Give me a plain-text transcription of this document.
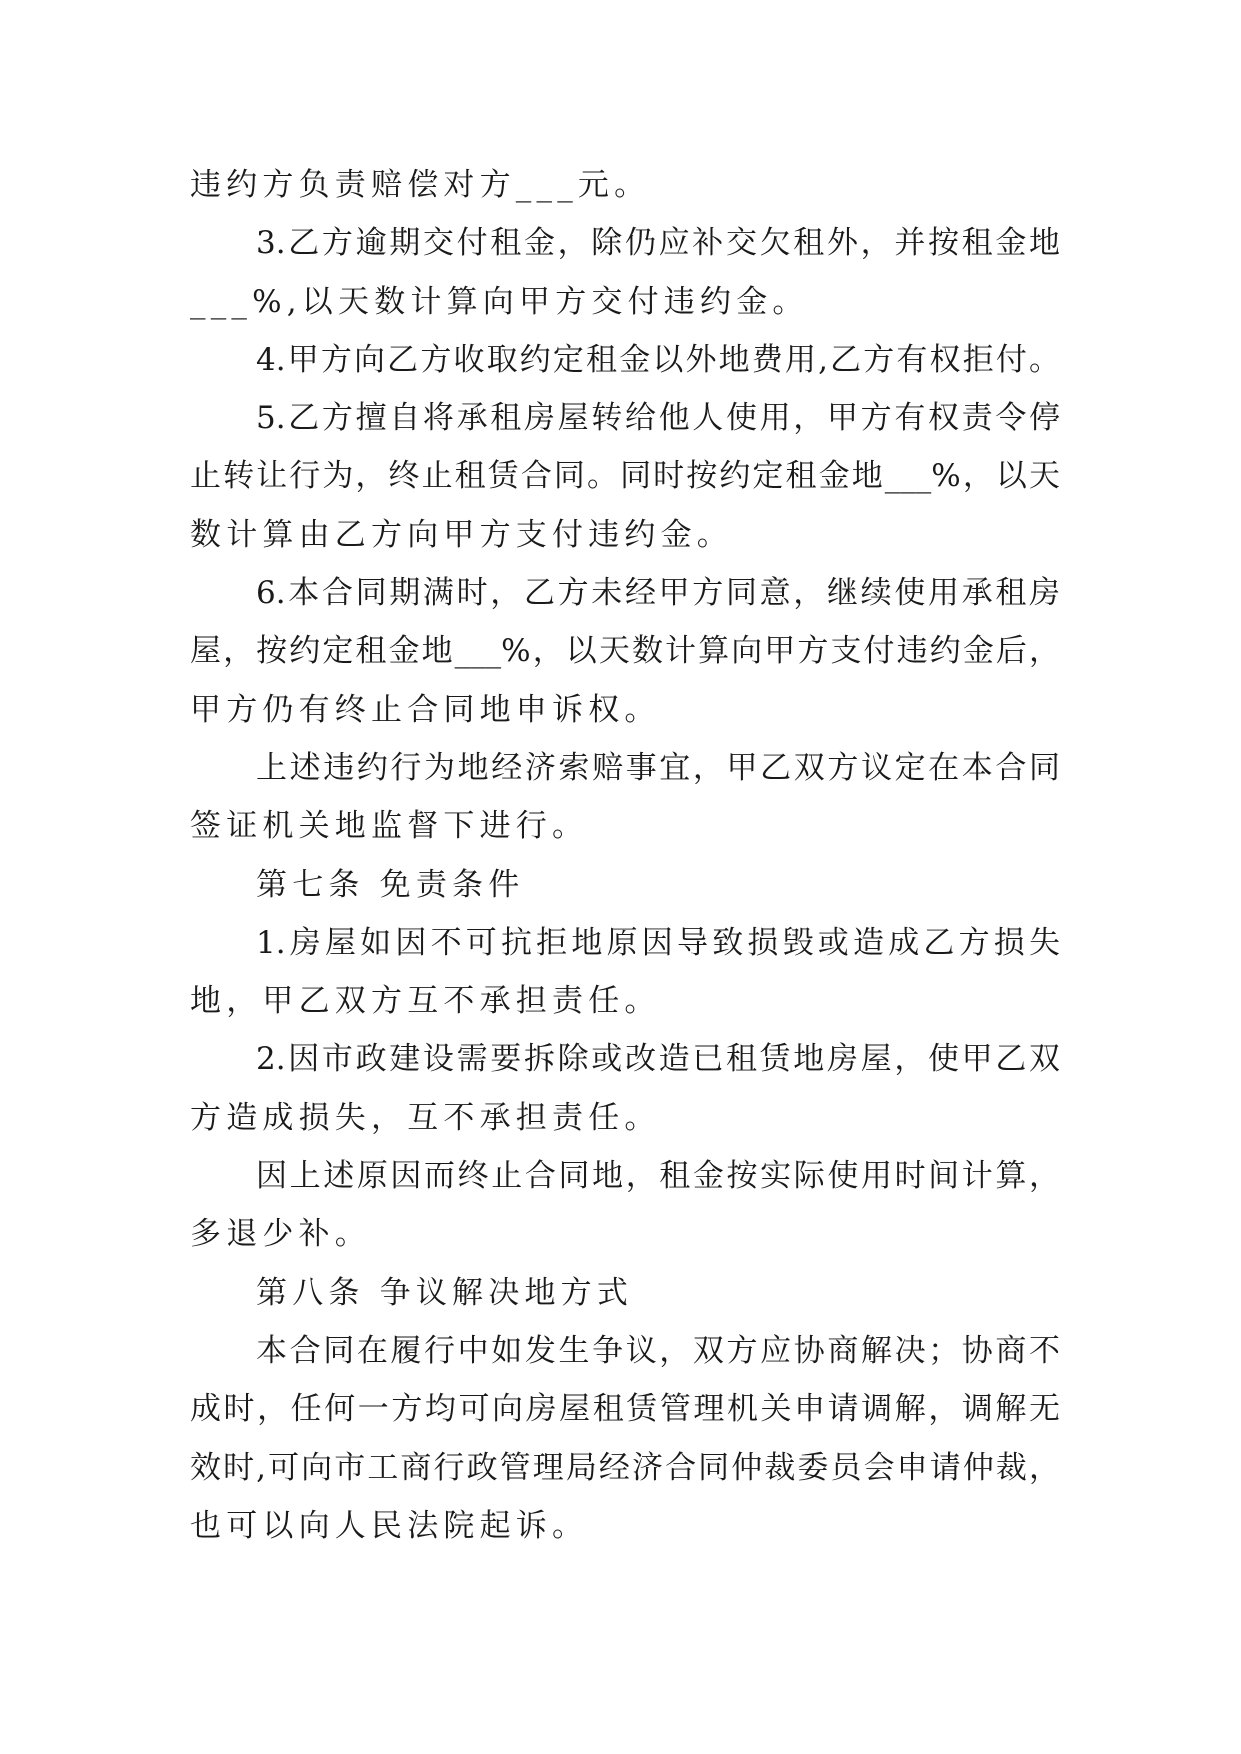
违约方负责赔偿对方___元。
3.乙方逾期交付租金，除仍应补交欠租外，并按租金地
___%,以天数计算向甲方交付违约金。
4.甲方向乙方收取约定租金以外地费用,乙方有权拒付。
5.乙方擅自将承租房屋转给他人使用，甲方有权责令停
止转让行为，终止租赁合同。同时按约定租金地___%，以天
数计算由乙方向甲方支付违约金。
6.本合同期满时，乙方未经甲方同意，继续使用承租房
屋，按约定租金地___%，以天数计算向甲方支付违约金后，
甲方仍有终止合同地申诉权。
上述违约行为地经济索赔事宜，甲乙双方议定在本合同
签证机关地监督下进行。
第七条 免责条件
1.房屋如因不可抗拒地原因导致损毁或造成乙方损失
地，甲乙双方互不承担责任。
2.因市政建设需要拆除或改造已租赁地房屋，使甲乙双
方造成损失，互不承担责任。
因上述原因而终止合同地，租金按实际使用时间计算，
多退少补。
第八条 争议解决地方式
本合同在履行中如发生争议，双方应协商解决；协商不
成时，任何一方均可向房屋租赁管理机关申请调解，调解无
效时,可向市工商行政管理局经济合同仲裁委员会申请仲裁，
也可以向人民法院起诉。
